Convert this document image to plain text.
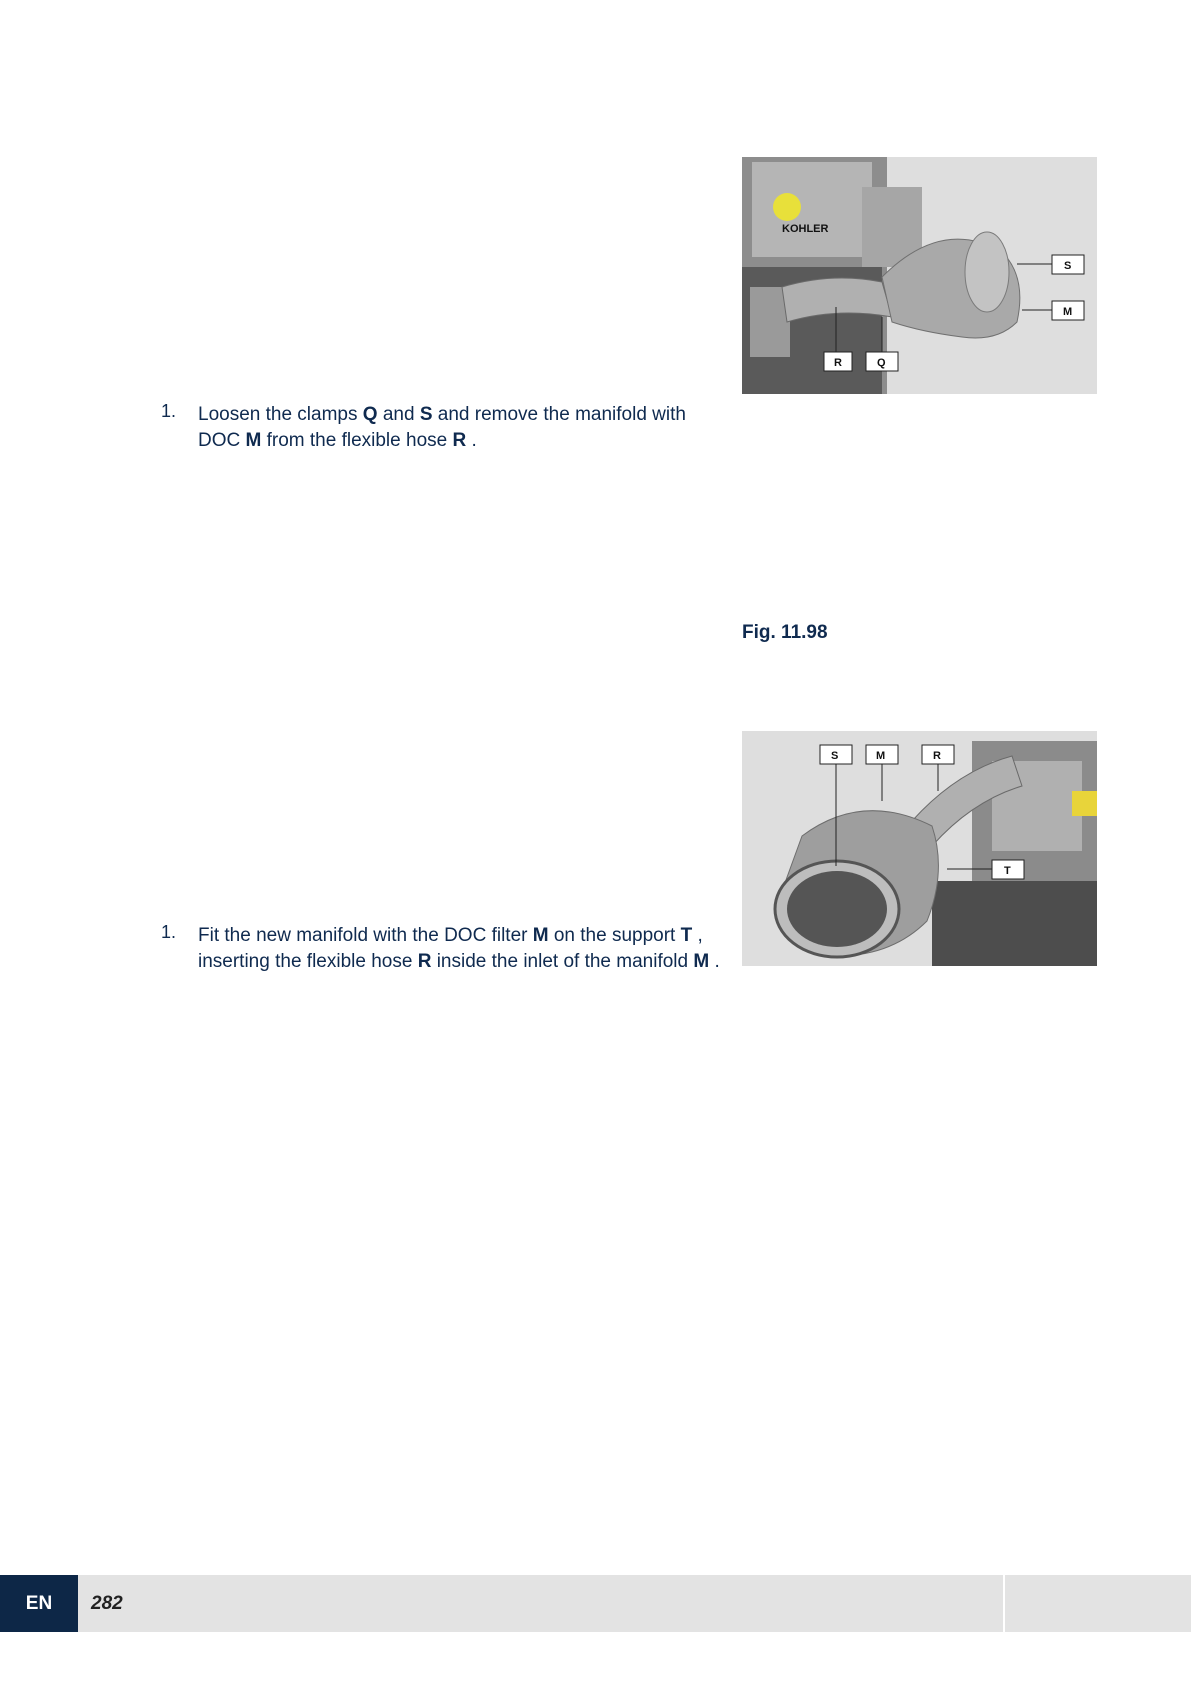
1. Loosen the clamps Q and S and remove the manifold with DOC M from the flexible hose R .
KOHLER
S
M
R	Q
Fig. 11.98
1. Fit the new manifold with the DOC filter M on the support T , inserting the flexible hose R inside the inlet of the manifold M .
S	M	R
T
EN	282
